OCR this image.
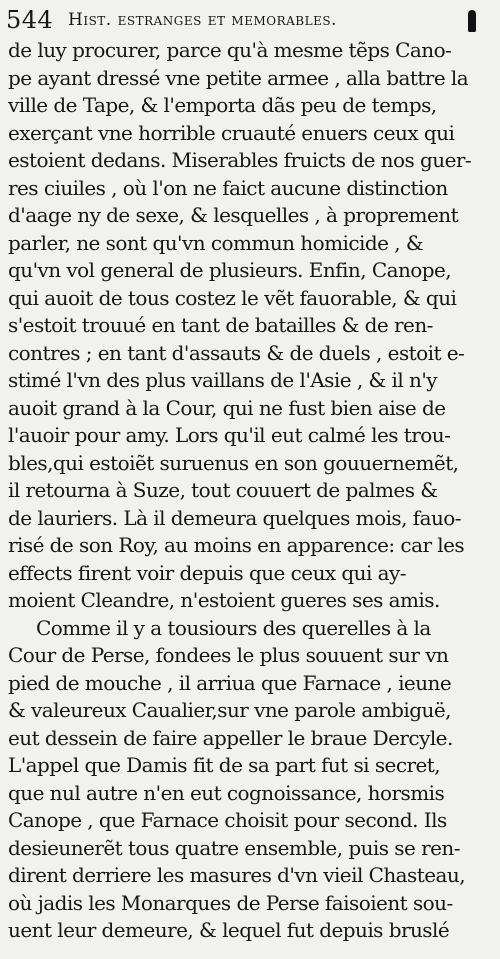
544 Hist. estranges et memorables.
de luy procurer, parce qu'à mesme tẽps Cano-
pe ayant dressé vne petite armee , alla battre la
ville de Tape, & l'emporta dãs peu de temps,
exerçant vne horrible cruauté enuers ceux qui
estoient dedans. Miserables fruicts de nos guer-
res ciuiles , où l'on ne faict aucune distinction
d'aage ny de sexe, & lesquelles , à proprement
parler, ne sont qu'vn commun homicide , &
qu'vn vol general de plusieurs. Enfin, Canope,
qui auoit de tous costez le vẽt fauorable, & qui
s'estoit trouué en tant de batailles & de ren-
contres ; en tant d'assauts & de duels , estoit e-
stimé l'vn des plus vaillans de l'Asie , & il n'y
auoit grand à la Cour, qui ne fust bien aise de
l'auoir pour amy. Lors qu'il eut calmé les trou-
bles,qui estoiẽt suruenus en son gouuernemẽt,
il retourna à Suze, tout couuert de palmes &
de lauriers. Là il demeura quelques mois, fauo-
risé de son Roy, au moins en apparence: car les
effects firent voir depuis que ceux qui ay-
moient Cleandre, n'estoient gueres ses amis.
Comme il y a tousiours des querelles à la
Cour de Perse, fondees le plus souuent sur vn
pied de mouche , il arriua que Farnace , ieune
& valeureux Caualier,sur vne parole ambiguë,
eut dessein de faire appeller le braue Dercyle.
L'appel que Damis fit de sa part fut si secret,
que nul autre n'en eut cognoissance, horsmis
Canope , que Farnace choisit pour second. Ils
desieunerẽt tous quatre ensemble, puis se ren-
dirent derriere les masures d'vn vieil Chasteau,
où jadis les Monarques de Perse faisoient sou-
uent leur demeure, & lequel fut depuis bruslé
